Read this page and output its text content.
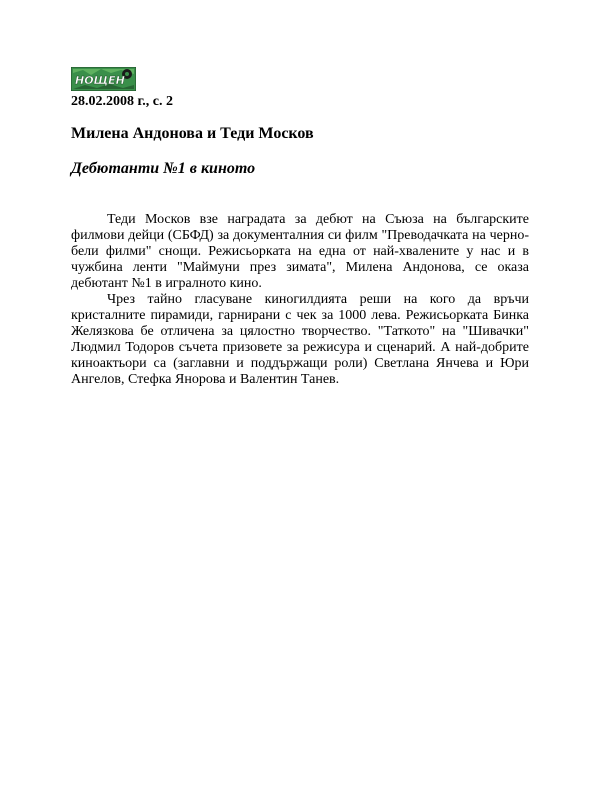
НОЩЕН
28.02.2008 г., с. 2
Милена Андонова и Теди Москов
Дебютанти №1 в киното

Теди Москов взе наградата за дебют на Съюза на българските филмови дейци (СБФД) за документалния си филм "Преводачката на черно-бели филми" снощи. Режисьорката на една от най-хвалените у нас и в чужбина ленти "Маймуни през зимата", Милена Андонова, се оказа дебютант №1 в игралното кино.

Чрез тайно гласуване киногилдията реши на кого да връчи кристалните пирамиди, гарнирани с чек за 1000 лева. Режисьорката Бинка Желязкова бе отличена за цялостно творчество. "Таткото" на "Шивачки" Людмил Тодоров съчета призовете за режисура и сценарий. А най-добрите киноактьори са (заглавни и поддържащи роли) Светлана Янчева и Юри Ангелов, Стефка Янорова и Валентин Танев.
